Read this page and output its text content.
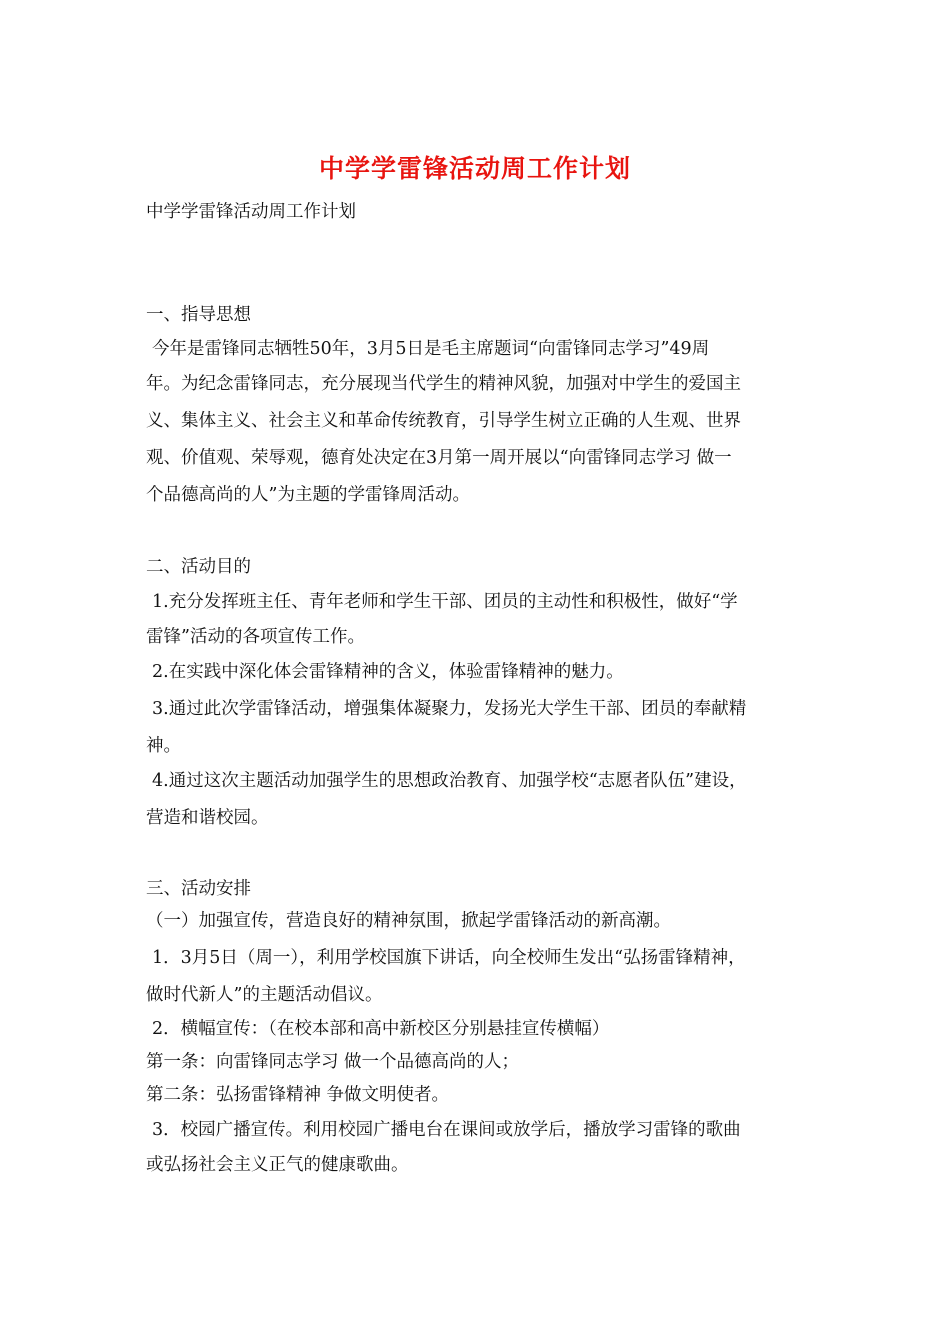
中学学雷锋活动周工作计划
中学学雷锋活动周工作计划
一、指导思想
今年是雷锋同志牺牲50年，3月5日是毛主席题词“向雷锋同志学习”49周
年。为纪念雷锋同志，充分展现当代学生的精神风貌，加强对中学生的爱国主
义、集体主义、社会主义和革命传统教育，引导学生树立正确的人生观、世界
观、价值观、荣辱观，德育处决定在3月第一周开展以“向雷锋同志学习 做一
个品德高尚的人”为主题的学雷锋周活动。
二、活动目的
1.充分发挥班主任、青年老师和学生干部、团员的主动性和积极性，做好“学
雷锋”活动的各项宣传工作。
2.在实践中深化体会雷锋精神的含义，体验雷锋精神的魅力。
3.通过此次学雷锋活动，增强集体凝聚力，发扬光大学生干部、团员的奉献精
神。
4.通过这次主题活动加强学生的思想政治教育、加强学校“志愿者队伍”建设，
营造和谐校园。
三、活动安排
（一）加强宣传，营造良好的精神氛围，掀起学雷锋活动的新高潮。
1．3月5日（周一），利用学校国旗下讲话，向全校师生发出“弘扬雷锋精神，
做时代新人”的主题活动倡议。
2．横幅宣传：（在校本部和高中新校区分别悬挂宣传横幅）
第一条：向雷锋同志学习 做一个品德高尚的人；
第二条：弘扬雷锋精神 争做文明使者。
3．校园广播宣传。利用校园广播电台在课间或放学后，播放学习雷锋的歌曲
或弘扬社会主义正气的健康歌曲。
